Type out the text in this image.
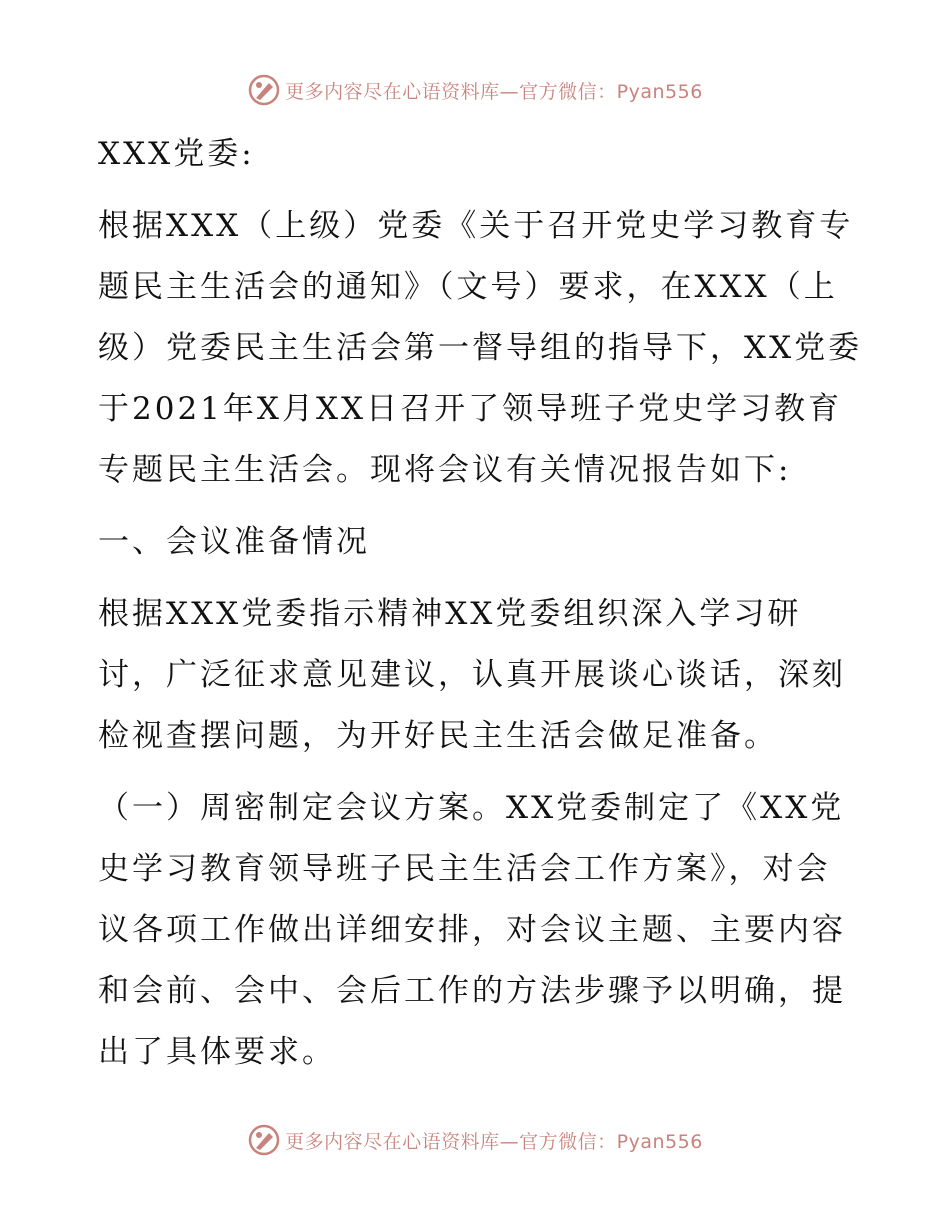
更多内容尽在心语资料库—官方微信：Pyan556
XXX党委:
根据XXX（上级）党委《关于召开党史学习教育专
题民主生活会的通知》（文号）要求，在XXX（上
级）党委民主生活会第一督导组的指导下，XX党委
于2021年X月XX日召开了领导班子党史学习教育
专题民主生活会。现将会议有关情况报告如下:
一、会议准备情况
根据XXX党委指示精神XX党委组织深入学习研
讨，广泛征求意见建议，认真开展谈心谈话，深刻
检视查摆问题，为开好民主生活会做足准备。
（一）周密制定会议方案。XX党委制定了《XX党
史学习教育领导班子民主生活会工作方案》，对会
议各项工作做出详细安排，对会议主题、主要内容
和会前、会中、会后工作的方法步骤予以明确，提
出了具体要求。
更多内容尽在心语资料库—官方微信：Pyan556
